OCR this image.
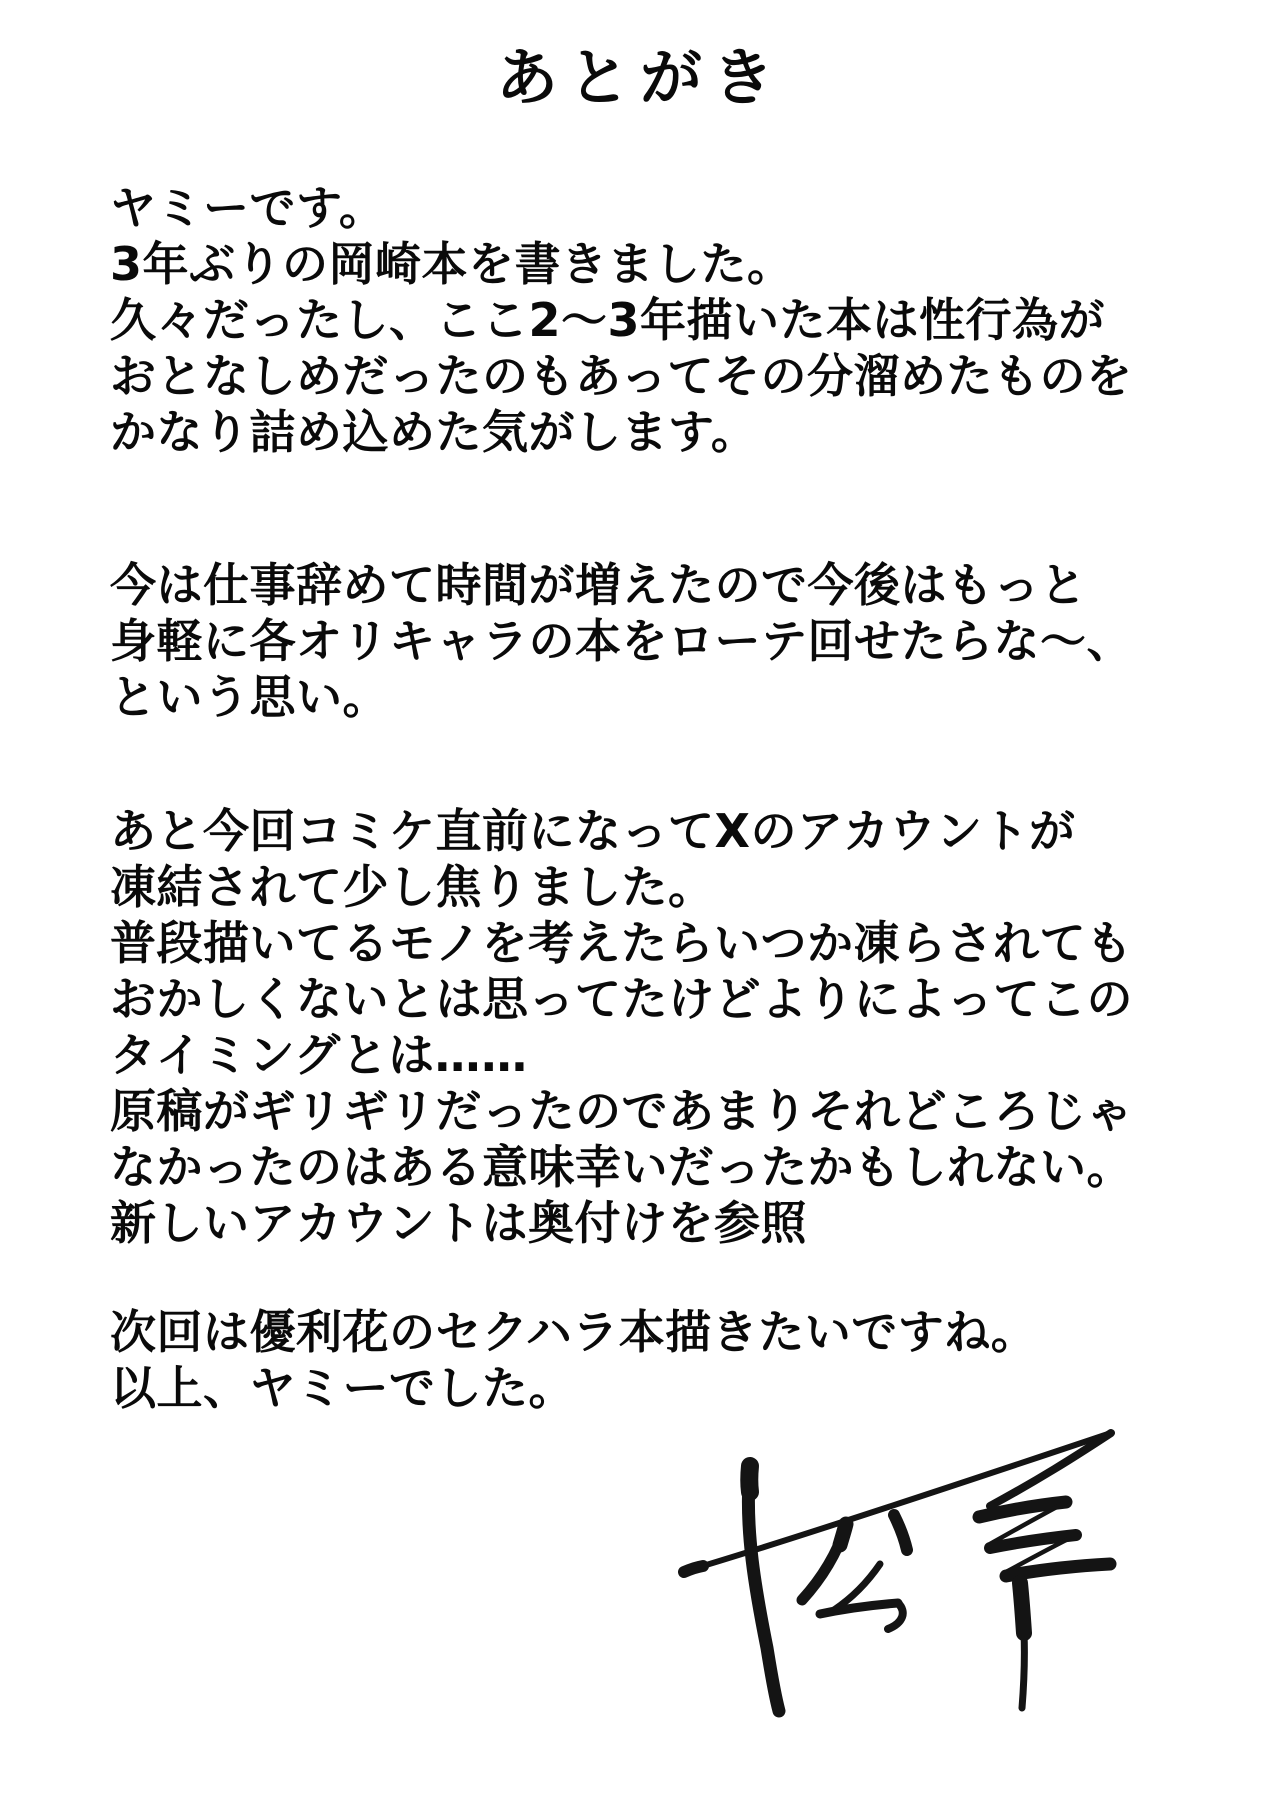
あとがき
ヤミーです。
3年ぶりの岡崎本を書きました。
久々だったし、ここ2～3年描いた本は性行為が
おとなしめだったのもあってその分溜めたものを
かなり詰め込めた気がします。
今は仕事辞めて時間が増えたので今後はもっと
身軽に各オリキャラの本をローテ回せたらな～、
という思い。
あと今回コミケ直前になってXのアカウントが
凍結されて少し焦りました。
普段描いてるモノを考えたらいつか凍らされても
おかしくないとは思ってたけどよりによってこの
タイミングとは……
原稿がギリギリだったのであまりそれどころじゃ
なかったのはある意味幸いだったかもしれない。
新しいアカウントは奥付けを参照
次回は優利花のセクハラ本描きたいですね。
以上、ヤミーでした。
